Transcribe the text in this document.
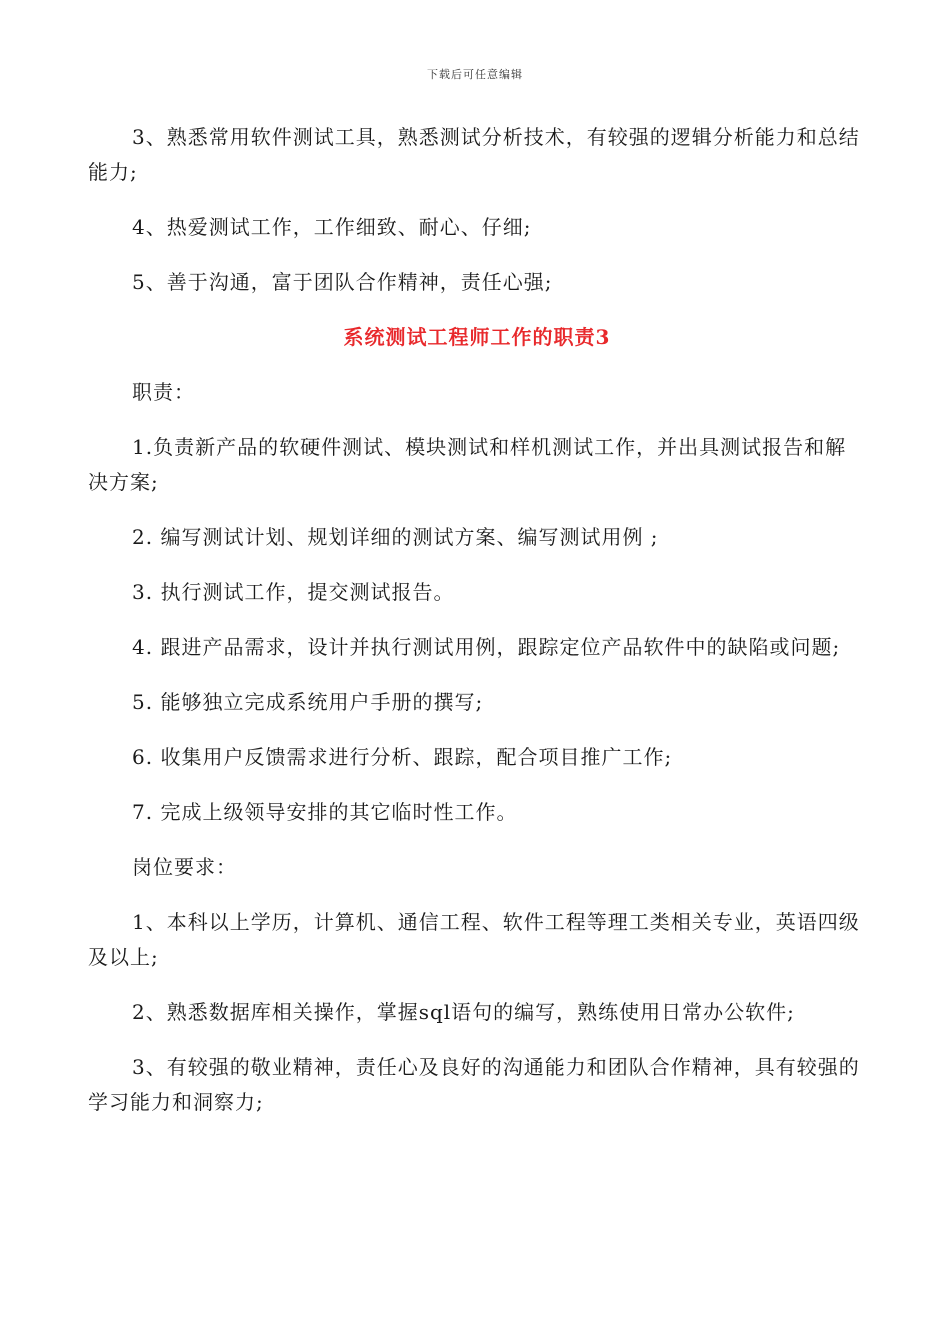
下载后可任意编辑

3、熟悉常用软件测试工具，熟悉测试分析技术，有较强的逻辑分析能力和总结能力;

4、热爱测试工作，工作细致、耐心、仔细;

5、善于沟通，富于团队合作精神，责任心强;

系统测试工程师工作的职责3

职责：

1.负责新产品的软硬件测试、模块测试和样机测试工作，并出具测试报告和解决方案;

2. 编写测试计划、规划详细的测试方案、编写测试用例 ;

3. 执行测试工作，提交测试报告。

4. 跟进产品需求，设计并执行测试用例，跟踪定位产品软件中的缺陷或问题;

5. 能够独立完成系统用户手册的撰写;

6. 收集用户反馈需求进行分析、跟踪，配合项目推广工作;

7. 完成上级领导安排的其它临时性工作。

岗位要求：

1、本科以上学历，计算机、通信工程、软件工程等理工类相关专业，英语四级及以上;

2、熟悉数据库相关操作，掌握sql语句的编写，熟练使用日常办公软件;

3、有较强的敬业精神，责任心及良好的沟通能力和团队合作精神，具有较强的学习能力和洞察力;
